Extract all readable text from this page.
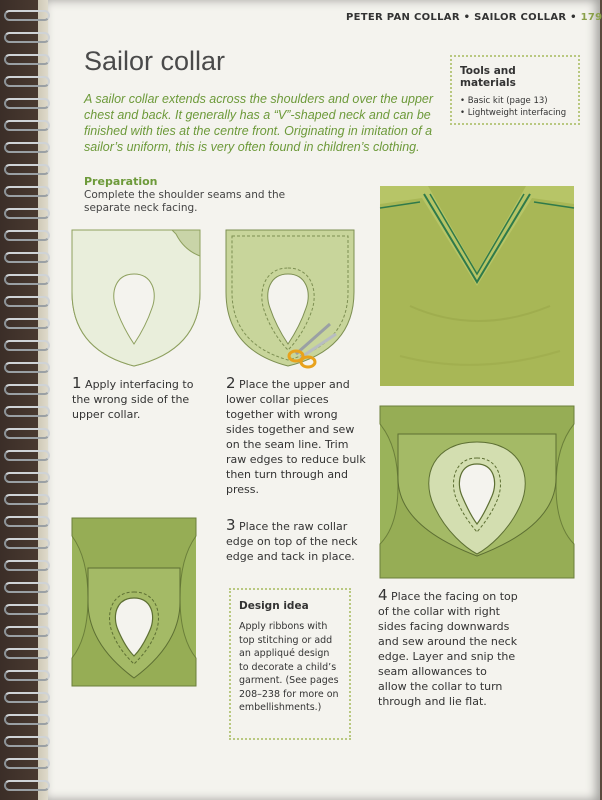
PETER PAN COLLAR • SAILOR COLLAR • 179
Sailor collar

A sailor collar extends across the shoulders and over the upper chest and back. It generally has a “V”-shaped neck and can be finished with ties at the centre front. Originating in imitation of a sailor’s uniform, this is very often found in children’s clothing.

Tools and materials
• Basic kit (page 13)
• Lightweight interfacing
Preparation
Complete the shoulder seams and the separate neck facing.
1 Apply interfacing to the wrong side of the upper collar.
2 Place the upper and lower collar pieces together with wrong sides together and sew on the seam line. Trim raw edges to reduce bulk then turn through and press.
3 Place the raw collar edge on top of the neck edge and tack in place.
Design idea

Apply ribbons with top stitching or add an appliqué design to decorate a child’s garment. (See pages 208–238 for more on embellishments.)

4 Place the facing on top of the collar with right sides facing downwards and sew around the neck edge. Layer and snip the seam allowances to allow the collar to turn through and lie flat.
